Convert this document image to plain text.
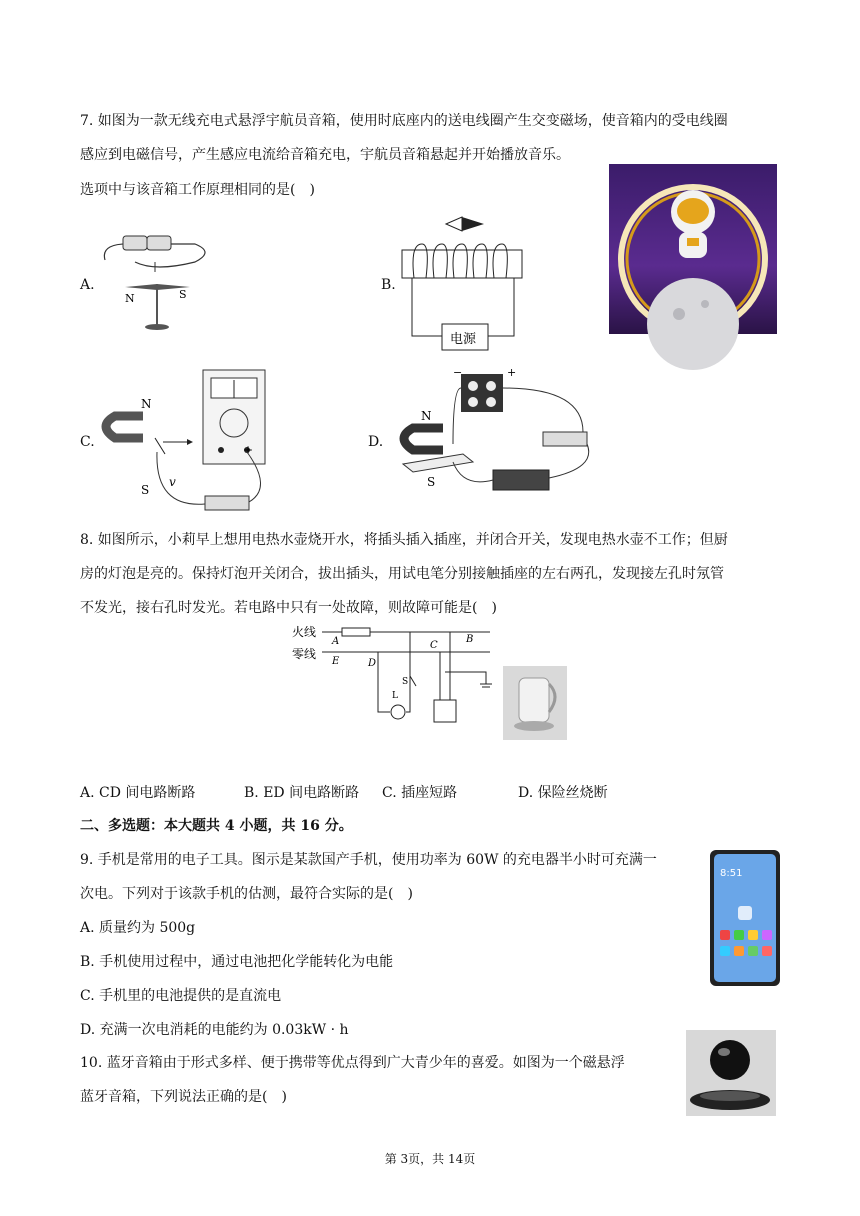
7. 如图为一款无线充电式悬浮宇航员音箱，使用时底座内的送电线圈产生交变磁场，使音箱内的受电线圈
感应到电磁信号，产生感应电流给音箱充电，宇航员音箱悬起并开始播放音乐。
选项中与该音箱工作原理相同的是(　)
A.
N	S
B.
电源
C.	+
N
S
v
D.
−	+
N
S
8. 如图所示，小莉早上想用电热水壶烧开水，将插头插入插座，并闭合开关，发现电热水壶不工作；但厨
房的灯泡是亮的。保持灯泡开关闭合，拔出插头，用试电笔分别接触插座的左右两孔，发现接左孔时氖管
不发光，接右孔时发光。若电路中只有一处故障，则故障可能是(　)
火线
零线
A
E	D
C
B
S
L
A. CD 间电路断路	B. ED 间电路断路 C. 插座短路	D. 保险丝烧断
二、多选题：本大题共 4 小题，共 16 分。
9. 手机是常用的电子工具。图示是某款国产手机，使用功率为 60W 的充电器半小时可充满一
次电。下列对于该款手机的估测，最符合实际的是(　)
A. 质量约为 500g
B. 手机使用过程中，通过电池把化学能转化为电能
C. 手机里的电池提供的是直流电
D. 充满一次电消耗的电能约为 0.03kW · h
8:51
10. 蓝牙音箱由于形式多样、便于携带等优点得到广大青少年的喜爱。如图为一个磁悬浮
蓝牙音箱，下列说法正确的是(　)
第 3页，共 14页
